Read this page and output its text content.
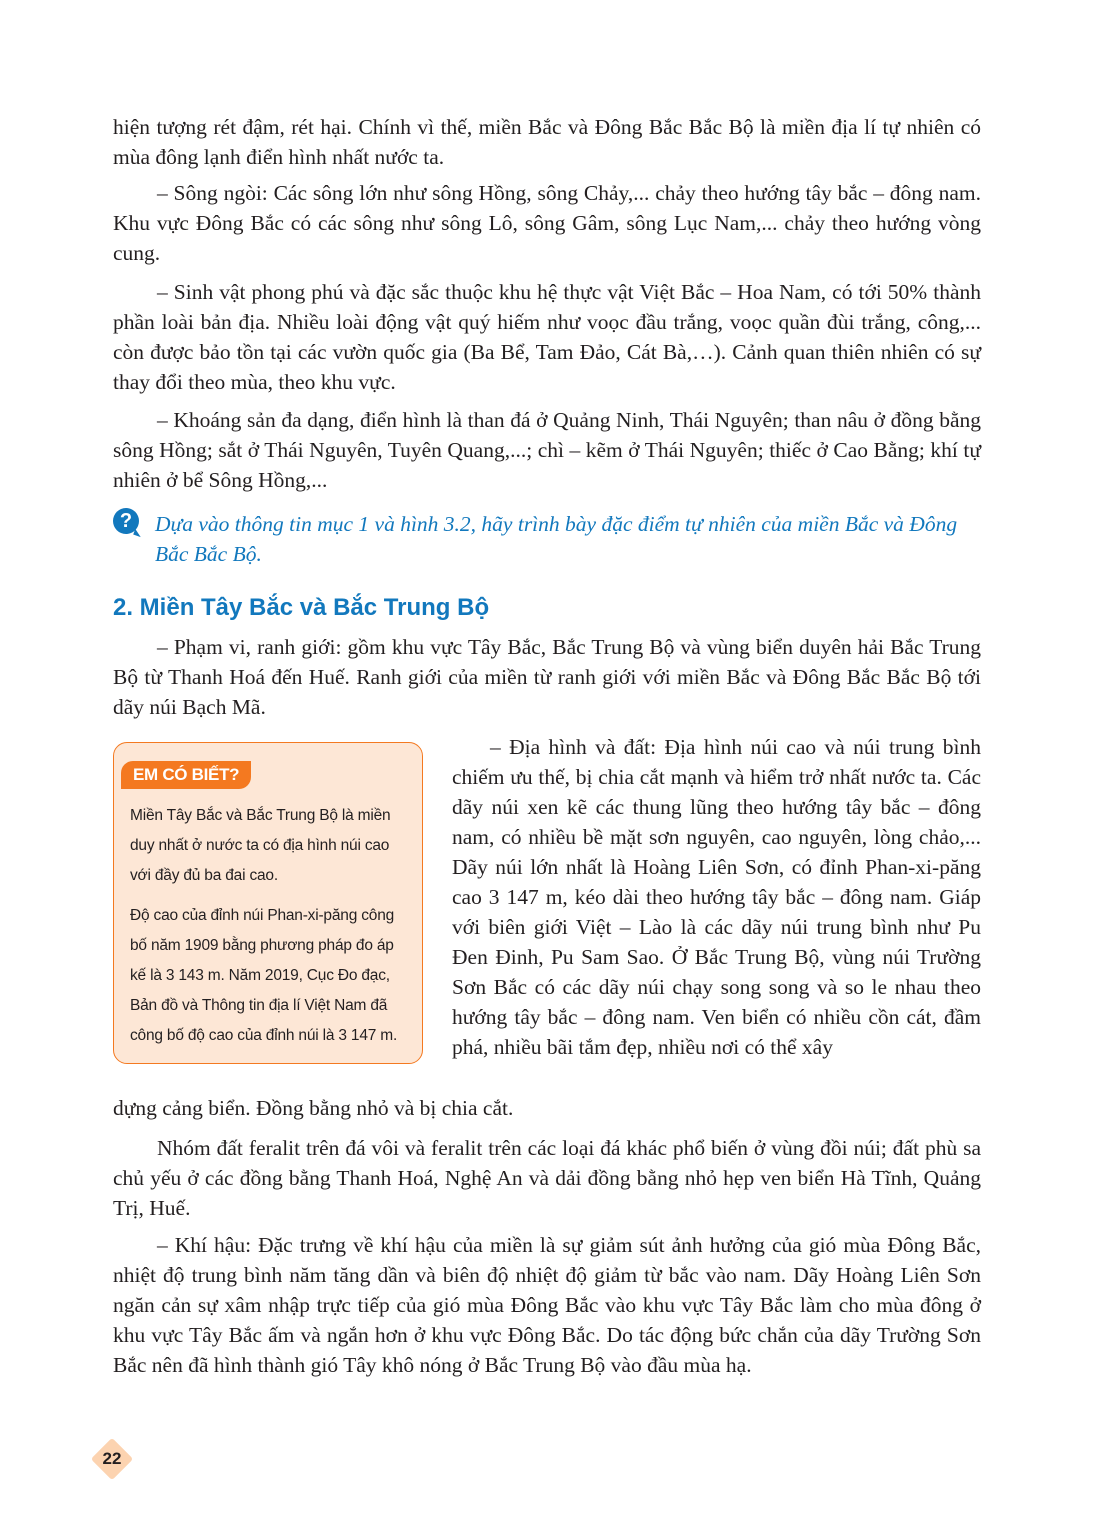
hiện tượng rét đậm, rét hại. Chính vì thế, miền Bắc và Đông Bắc Bắc Bộ là miền địa lí tự nhiên có mùa đông lạnh điển hình nhất nước ta.

– Sông ngòi: Các sông lớn như sông Hồng, sông Chảy,... chảy theo hướng tây bắc – đông nam. Khu vực Đông Bắc có các sông như sông Lô, sông Gâm, sông Lục Nam,... chảy theo hướng vòng cung.

– Sinh vật phong phú và đặc sắc thuộc khu hệ thực vật Việt Bắc – Hoa Nam, có tới 50% thành phần loài bản địa. Nhiều loài động vật quý hiếm như voọc đầu trắng, voọc quần đùi trắng, công,... còn được bảo tồn tại các vườn quốc gia (Ba Bể, Tam Đảo, Cát Bà,…). Cảnh quan thiên nhiên có sự thay đổi theo mùa, theo khu vực.

– Khoáng sản đa dạng, điển hình là than đá ở Quảng Ninh, Thái Nguyên; than nâu ở đồng bằng sông Hồng; sắt ở Thái Nguyên, Tuyên Quang,...; chì – kẽm ở Thái Nguyên; thiếc ở Cao Bằng; khí tự nhiên ở bể Sông Hồng,...

?	Dựa vào thông tin mục 1 và hình 3.2, hãy trình bày đặc điểm tự nhiên của miền Bắc và Đông Bắc Bắc Bộ.

2. Miền Tây Bắc và Bắc Trung Bộ

– Phạm vi, ranh giới: gồm khu vực Tây Bắc, Bắc Trung Bộ và vùng biển duyên hải Bắc Trung Bộ từ Thanh Hoá đến Huế. Ranh giới của miền từ ranh giới với miền Bắc và Đông Bắc Bắc Bộ tới dãy núi Bạch Mã.

EM CÓ BIẾT?

Miền Tây Bắc và Bắc Trung Bộ là miền duy nhất ở nước ta có địa hình núi cao với đầy đủ ba đai cao.

Độ cao của đỉnh núi Phan-xi-păng công bố năm 1909 bằng phương pháp đo áp kế là 3 143 m. Năm 2019, Cục Đo đạc, Bản đồ và Thông tin địa lí Việt Nam đã công bố độ cao của đỉnh núi là 3 147 m.

– Địa hình và đất: Địa hình núi cao và núi trung bình chiếm ưu thế, bị chia cắt mạnh và hiểm trở nhất nước ta. Các dãy núi xen kẽ các thung lũng theo hướng tây bắc – đông nam, có nhiều bề mặt sơn nguyên, cao nguyên, lòng chảo,... Dãy núi lớn nhất là Hoàng Liên Sơn, có đỉnh Phan-xi-păng cao 3 147 m, kéo dài theo hướng tây bắc – đông nam. Giáp với biên giới Việt – Lào là các dãy núi trung bình như Pu Đen Đinh, Pu Sam Sao. Ở Bắc Trung Bộ, vùng núi Trường Sơn Bắc có các dãy núi chạy song song và so le nhau theo hướng tây bắc – đông nam. Ven biển có nhiều cồn cát, đầm phá, nhiều bãi tắm đẹp, nhiều nơi có thể xây

dựng cảng biển. Đồng bằng nhỏ và bị chia cắt.

Nhóm đất feralit trên đá vôi và feralit trên các loại đá khác phổ biến ở vùng đồi núi; đất phù sa chủ yếu ở các đồng bằng Thanh Hoá, Nghệ An và dải đồng bằng nhỏ hẹp ven biển Hà Tĩnh, Quảng Trị, Huế.

– Khí hậu: Đặc trưng về khí hậu của miền là sự giảm sút ảnh hưởng của gió mùa Đông Bắc, nhiệt độ trung bình năm tăng dần và biên độ nhiệt độ giảm từ bắc vào nam. Dãy Hoàng Liên Sơn ngăn cản sự xâm nhập trực tiếp của gió mùa Đông Bắc vào khu vực Tây Bắc làm cho mùa đông ở khu vực Tây Bắc ấm và ngắn hơn ở khu vực Đông Bắc. Do tác động bức chắn của dãy Trường Sơn Bắc nên đã hình thành gió Tây khô nóng ở Bắc Trung Bộ vào đầu mùa hạ.

22
